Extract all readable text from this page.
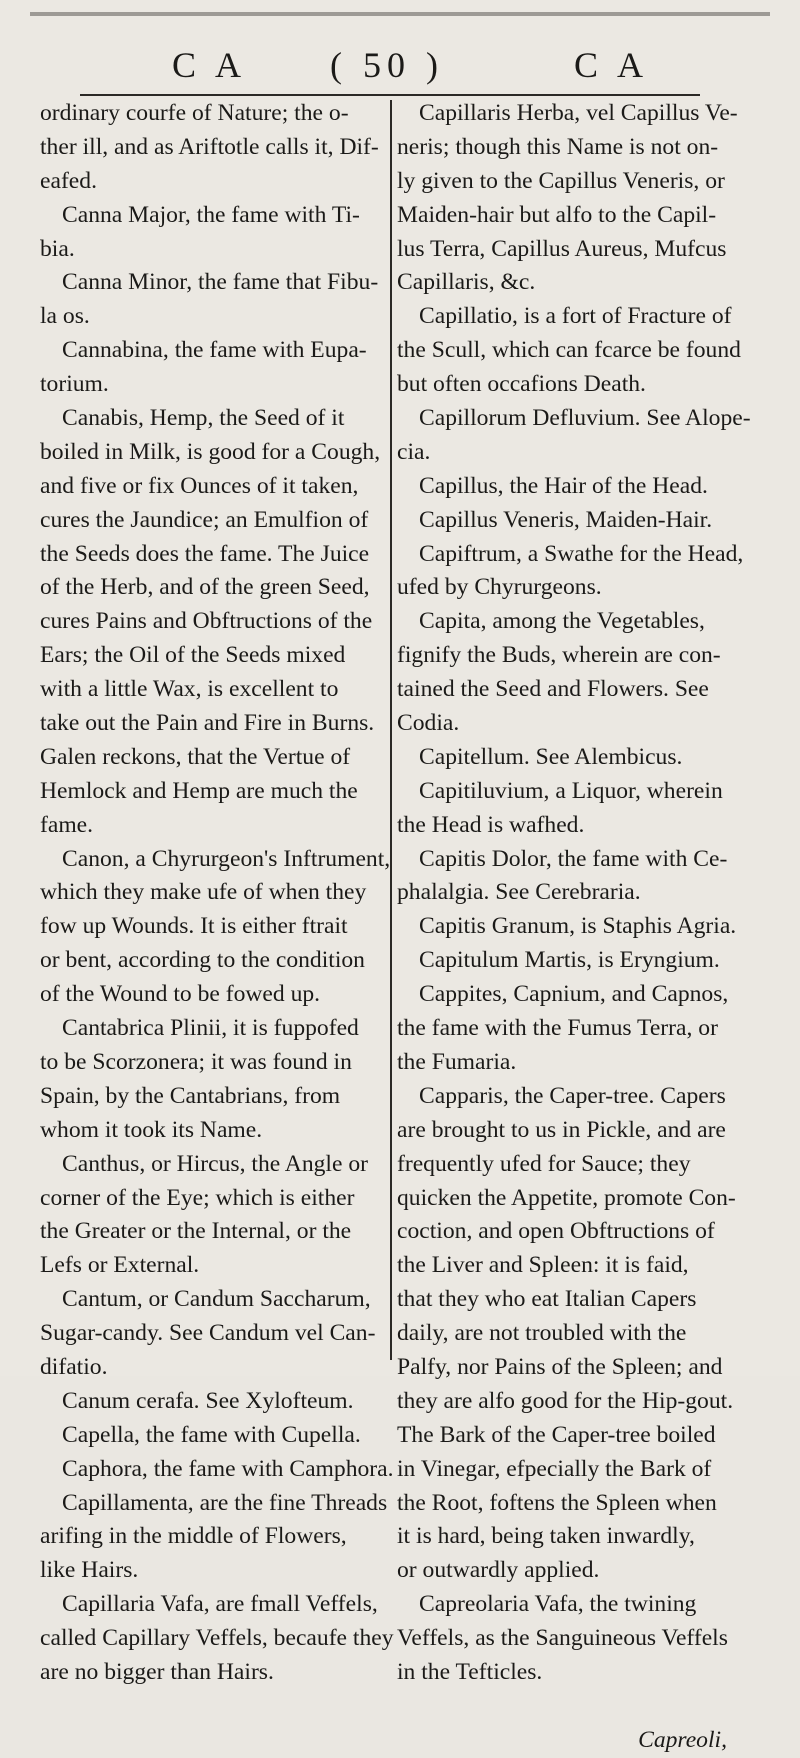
C A ( 50 )	C A
ordinary courfe of Nature; the o-
ther ill, and as Ariftotle calls it, Dif-
eafed.
Canna Major, the fame with Ti-
bia.
Canna Minor, the fame that Fibu-
la os.
Cannabina, the fame with Eupa-
torium.
Canabis, Hemp, the Seed of it
boiled in Milk, is good for a Cough,
and five or fix Ounces of it taken,
cures the Jaundice; an Emulfion of
the Seeds does the fame. The Juice
of the Herb, and of the green Seed,
cures Pains and Obftructions of the
Ears; the Oil of the Seeds mixed
with a little Wax, is excellent to
take out the Pain and Fire in Burns.
Galen reckons, that the Vertue of
Hemlock and Hemp are much the
fame.
Canon, a Chyrurgeon's Inftrument,
which they make ufe of when they
fow up Wounds. It is either ftrait
or bent, according to the condition
of the Wound to be fowed up.
Cantabrica Plinii, it is fuppofed
to be Scorzonera; it was found in
Spain, by the Cantabrians, from
whom it took its Name.
Canthus, or Hircus, the Angle or
corner of the Eye; which is either
the Greater or the Internal, or the
Lefs or External.
Cantum, or Candum Saccharum,
Sugar-candy. See Candum vel Can-
difatio.
Canum cerafa. See Xylofteum.
Capella, the fame with Cupella.
Caphora, the fame with Camphora.
Capillamenta, are the fine Threads
arifing in the middle of Flowers,
like Hairs.
Capillaria Vafa, are fmall Veffels,
called Capillary Veffels, becaufe they
are no bigger than Hairs.
Capillaris Herba, vel Capillus Ve-
neris; though this Name is not on-
ly given to the Capillus Veneris, or
Maiden-hair but alfo to the Capil-
lus Terra, Capillus Aureus, Mufcus
Capillaris, &c.
Capillatio, is a fort of Fracture of
the Scull, which can fcarce be found
but often occafions Death.
Capillorum Defluvium. See Alope-
cia.
Capillus, the Hair of the Head.
Capillus Veneris, Maiden-Hair.
Capiftrum, a Swathe for the Head,
ufed by Chyrurgeons.
Capita, among the Vegetables,
fignify the Buds, wherein are con-
tained the Seed and Flowers. See
Codia.
Capitellum. See Alembicus.
Capitiluvium, a Liquor, wherein
the Head is wafhed.
Capitis Dolor, the fame with Ce-
phalalgia. See Cerebraria.
Capitis Granum, is Staphis Agria.
Capitulum Martis, is Eryngium.
Cappites, Capnium, and Capnos,
the fame with the Fumus Terra, or
the Fumaria.
Capparis, the Caper-tree. Capers
are brought to us in Pickle, and are
frequently ufed for Sauce; they
quicken the Appetite, promote Con-
coction, and open Obftructions of
the Liver and Spleen: it is faid,
that they who eat Italian Capers
daily, are not troubled with the
Palfy, nor Pains of the Spleen; and
they are alfo good for the Hip-gout.
The Bark of the Caper-tree boiled
in Vinegar, efpecially the Bark of
the Root, foftens the Spleen when
it is hard, being taken inwardly,
or outwardly applied.
Capreolaria Vafa, the twining
Veffels, as the Sanguineous Veffels
in the Tefticles.
Capreoli,
